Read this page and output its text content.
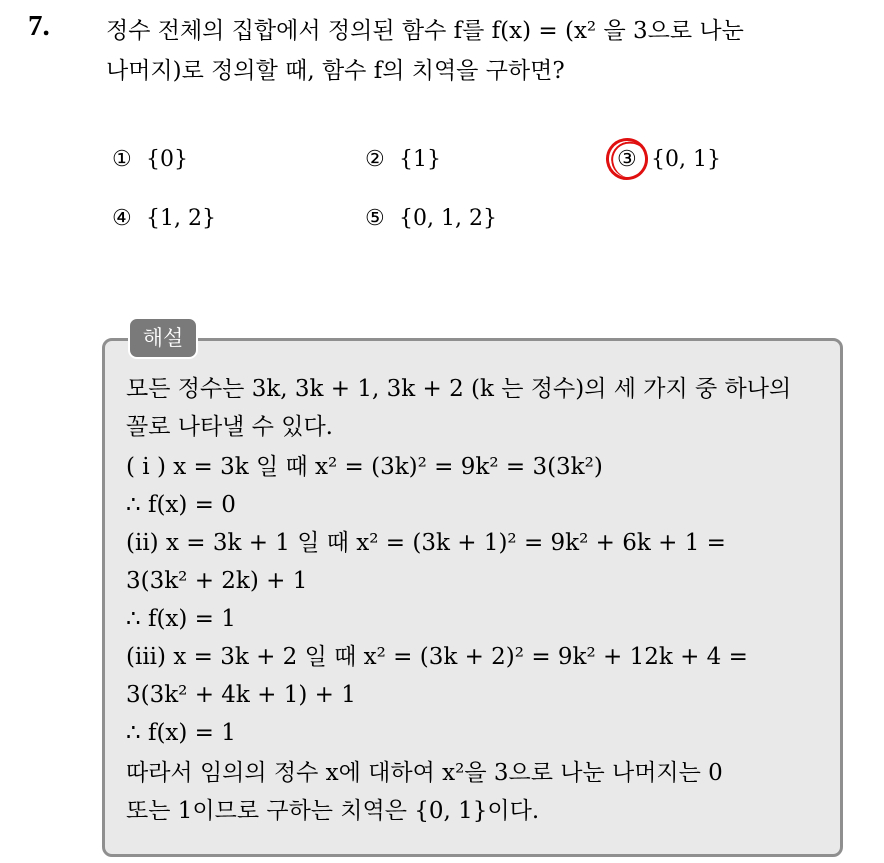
7. 정수 전체의 집합에서 정의된 함수 f를 f(x) = (x² 을 3으로 나눈
나머지)로 정의할 때, 함수 f의 치역을 구하면?
① {0}	② {1}	③ {0, 1}
④ {1, 2}	⑤ {0, 1, 2}
해설
모든 정수는 3k, 3k + 1, 3k + 2 (k 는 정수)의 세 가지 중 하나의
꼴로 나타낼 수 있다.
( i ) x = 3k 일 때 x² = (3k)² = 9k² = 3(3k²)
∴ f(x) = 0
(ii) x = 3k + 1 일 때 x² = (3k + 1)² = 9k² + 6k + 1 =
3(3k² + 2k) + 1
∴ f(x) = 1
(iii) x = 3k + 2 일 때 x² = (3k + 2)² = 9k² + 12k + 4 =
3(3k² + 4k + 1) + 1
∴ f(x) = 1
따라서 임의의 정수 x에 대하여 x²을 3으로 나눈 나머지는 0
또는 1이므로 구하는 치역은 {0, 1}이다.
